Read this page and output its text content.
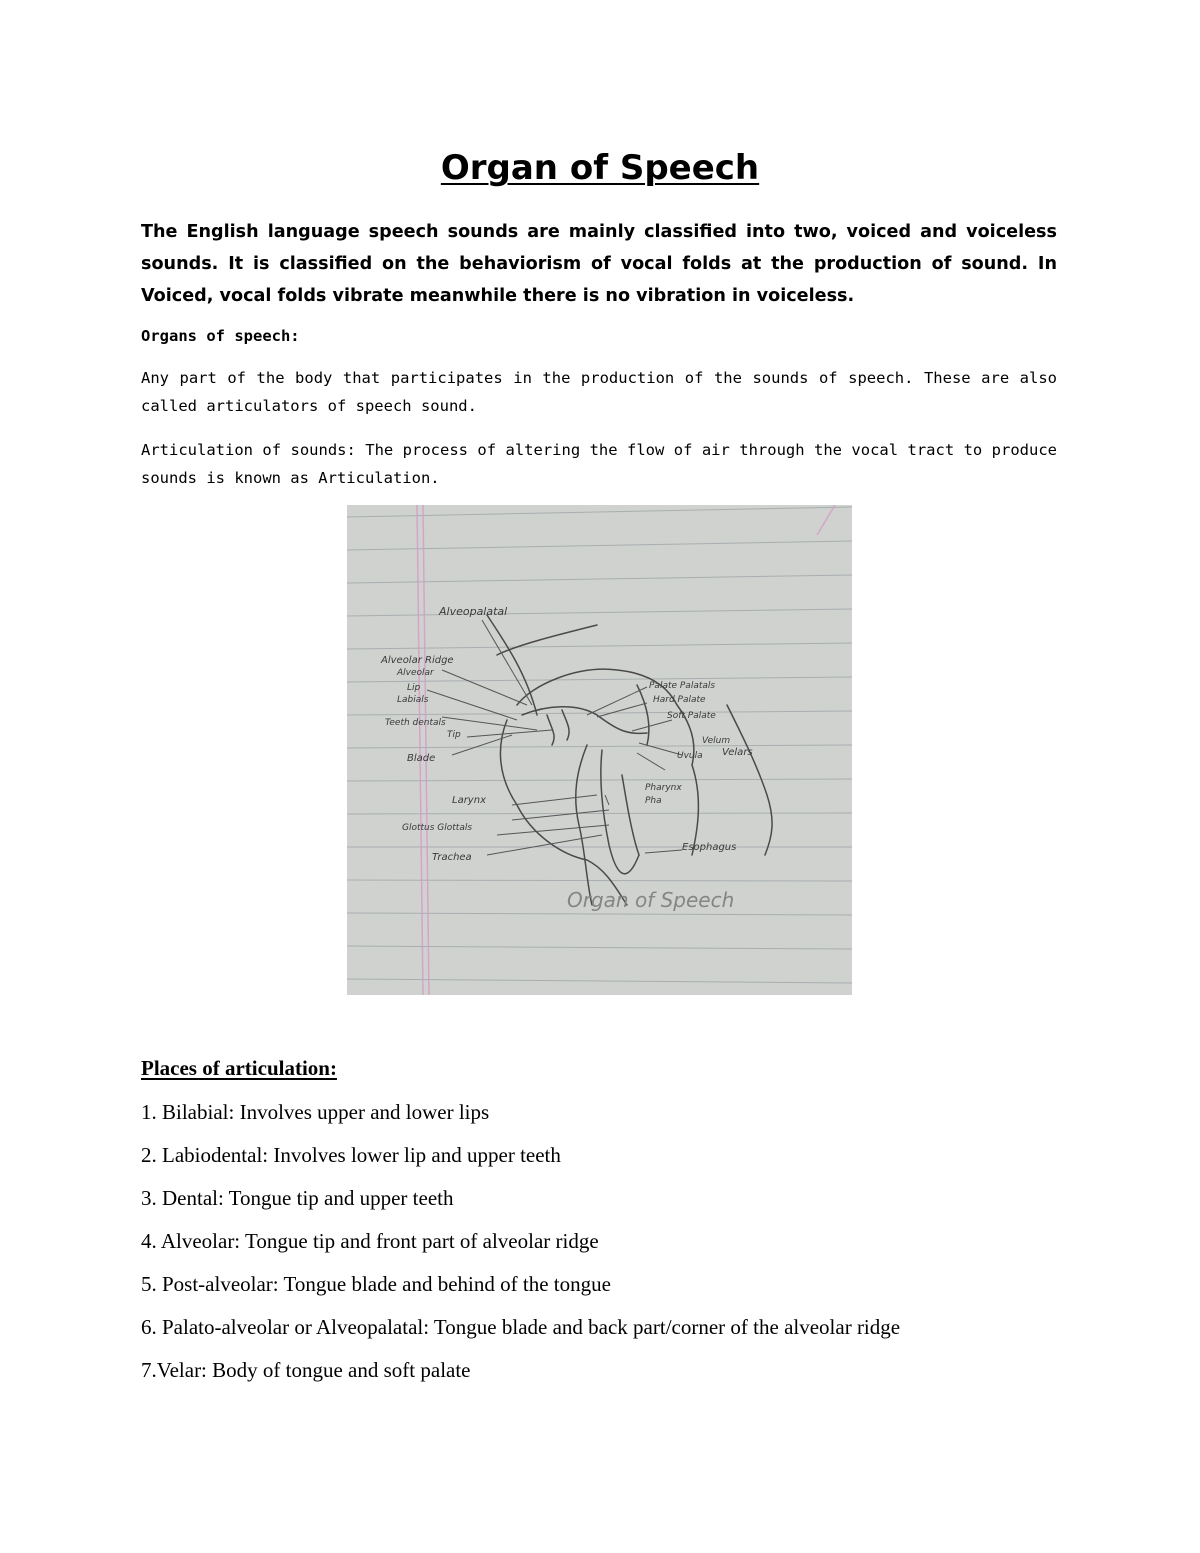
Organ of Speech
The English language speech sounds are mainly classified into two, voiced and voiceless sounds. It is classified on the behaviorism of vocal folds at the production of sound. In Voiced, vocal folds vibrate meanwhile there is no vibration in voiceless.
Organs of speech:
Any part of the body that participates in the production of the sounds of speech. These are also called articulators of speech sound.
Articulation of sounds: The process of altering the flow of air through the vocal tract to produce sounds is known as Articulation.
Alveopalatal
Alveolar Ridge
Alveolar
Lip
Labials
Teeth dentals
Tip
Blade
Palate Palatals
Hard Palate
Soft Palate
Velum
Uvula Velars
Pharynx
Pha
Larynx
Glottus Glottals
Trachea
Esophagus
Organ of Speech
Places of articulation:
1. Bilabial: Involves upper and lower lips
2. Labiodental: Involves lower lip and upper teeth
3. Dental: Tongue tip and upper teeth
4. Alveolar: Tongue tip and front part of alveolar ridge
5. Post-alveolar: Tongue blade and behind of the tongue
6. Palato-alveolar or Alveopalatal: Tongue blade and back part/corner of the alveolar ridge
7.Velar: Body of tongue and soft palate
